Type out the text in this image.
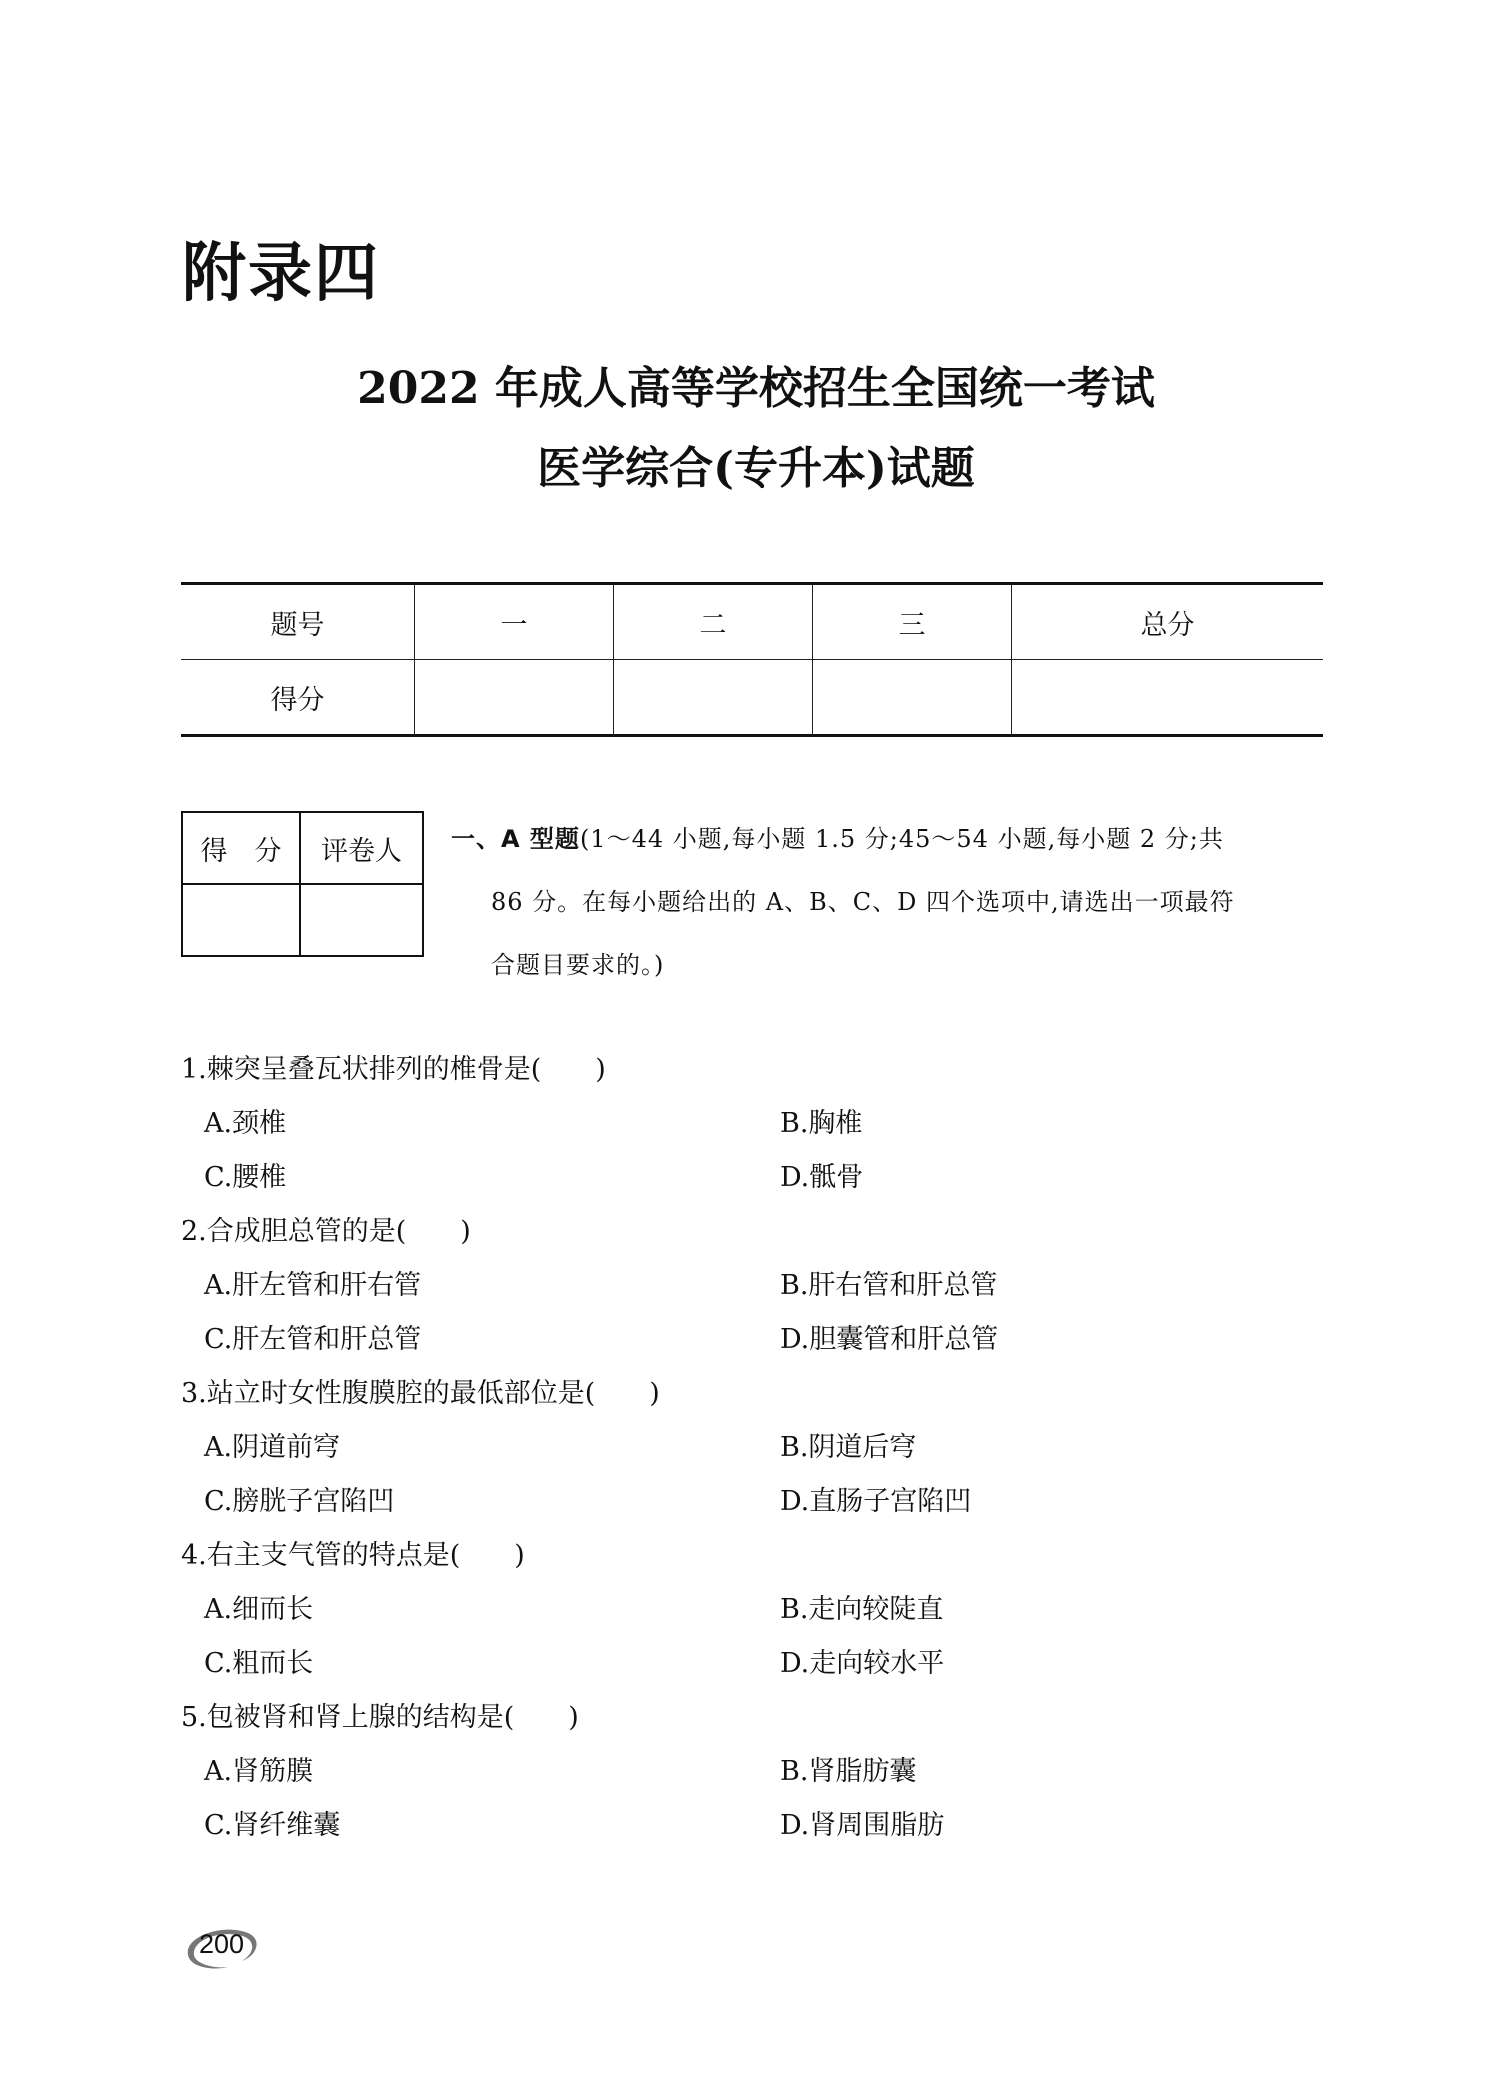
附录四
2022 年成人高等学校招生全国统一考试
医学综合(专升本)试题
题号	一	二	三	总分
得分				
得　分	评卷人
	一、A 型题(1～44 小题,每小题 1.5 分;45～54 小题,每小题 2 分;共
86 分。在每小题给出的 A、B、C、D 四个选项中,请选出一项最符 合题目要求的。)
1.棘突呈叠瓦状排列的椎骨是(　　)
A.颈椎	B.胸椎
C.腰椎	D.骶骨
2.合成胆总管的是(　　)
A.肝左管和肝右管	B.肝右管和肝总管
C.肝左管和肝总管	D.胆囊管和肝总管
3.站立时女性腹膜腔的最低部位是(　　)
A.阴道前穹	B.阴道后穹
C.膀胱子宫陷凹	D.直肠子宫陷凹
4.右主支气管的特点是(　　)
A.细而长	B.走向较陡直
C.粗而长	D.走向较水平
5.包被肾和肾上腺的结构是(　　)
A.肾筋膜	B.肾脂肪囊
C.肾纤维囊	D.肾周围脂肪
200
